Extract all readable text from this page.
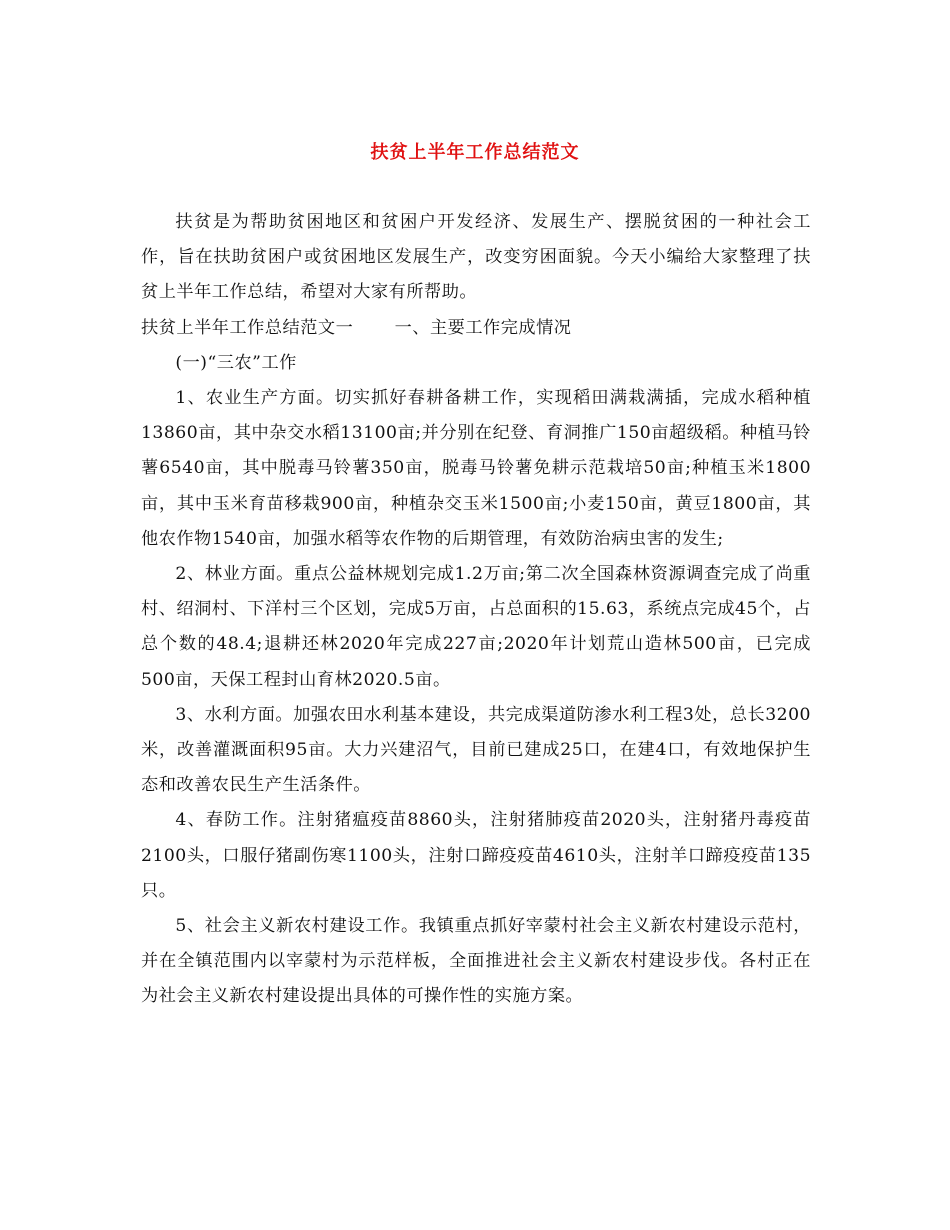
扶贫上半年工作总结范文

扶贫是为帮助贫困地区和贫困户开发经济、发展生产、摆脱贫困的一种社会工作，旨在扶助贫困户或贫困地区发展生产，改变穷困面貌。今天小编给大家整理了扶贫上半年工作总结，希望对大家有所帮助。

扶贫上半年工作总结范文一　　 一、主要工作完成情况

(一)“三农”工作

1、农业生产方面。切实抓好春耕备耕工作，实现稻田满栽满插，完成水稻种植13860亩，其中杂交水稻13100亩;并分别在纪登、育洞推广150亩超级稻。种植马铃薯6540亩，其中脱毒马铃薯350亩，脱毒马铃薯免耕示范栽培50亩;种植玉米1800亩，其中玉米育苗移栽900亩，种植杂交玉米1500亩;小麦150亩，黄豆1800亩，其他农作物1540亩，加强水稻等农作物的后期管理，有效防治病虫害的发生;

2、林业方面。重点公益林规划完成1.2万亩;第二次全国森林资源调查完成了尚重村、绍洞村、下洋村三个区划，完成5万亩，占总面积的15.63，系统点完成45个，占总个数的48.4;退耕还林2020年完成227亩;2020年计划荒山造林500亩，已完成500亩，天保工程封山育林2020.5亩。

3、水利方面。加强农田水利基本建设，共完成渠道防渗水利工程3处，总长3200米，改善灌溉面积95亩。大力兴建沼气，目前已建成25口，在建4口，有效地保护生态和改善农民生产生活条件。

4、春防工作。注射猪瘟疫苗8860头，注射猪肺疫苗2020头，注射猪丹毒疫苗2100头，口服仔猪副伤寒1100头，注射口蹄疫疫苗4610头，注射羊口蹄疫疫苗135只。

5、社会主义新农村建设工作。我镇重点抓好宰蒙村社会主义新农村建设示范村，并在全镇范围内以宰蒙村为示范样板，全面推进社会主义新农村建设步伐。各村正在为社会主义新农村建设提出具体的可操作性的实施方案。
